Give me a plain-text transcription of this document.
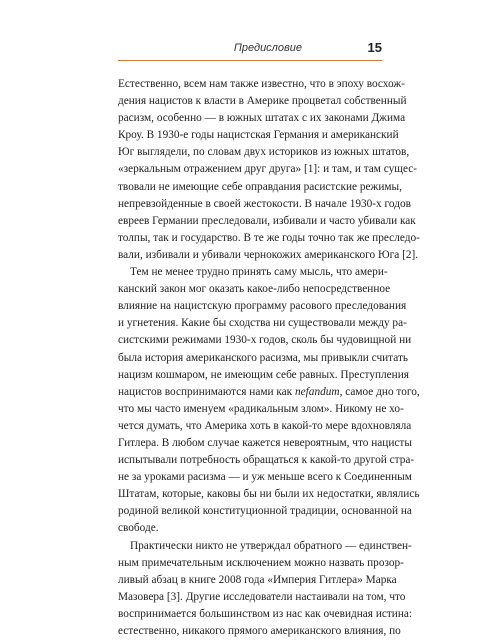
Предисловие	15

Естественно, всем нам также известно, что в эпоху восхож-
дения нацистов к власти в Америке процветал собственный
расизм, особенно — в южных штатах с их законами Джима
Кроу. В 1930-е годы нацистская Германия и американский
Юг выглядели, по словам двух историков из южных штатов,
«зеркальным отражением друг друга» [1]: и там, и там сущес-
твовали не имеющие себе оправдания расистские режимы,
непревзойденные в своей жестокости. В начале 1930-х годов
евреев Германии преследовали, избивали и часто убивали как
толпы, так и государство. В те же годы точно так же преследо-
вали, избивали и убивали чернокожих американского Юга [2].

Тем не менее трудно принять саму мысль, что амери-
канский закон мог оказать какое-либо непосредственное
влияние на нацистскую программу расового преследования
и угнетения. Какие бы сходства ни существовали между ра-
систскими режимами 1930-х годов, сколь бы чудовищной ни
была история американского расизма, мы привыкли считать
нацизм кошмаром, не имеющим себе равных. Преступления
нацистов воспринимаются нами как nefandum, самое дно того,
что мы часто именуем «радикальным злом». Никому не хо-
чется думать, что Америка хоть в какой-то мере вдохновляла
Гитлера. В любом случае кажется невероятным, что нацисты
испытывали потребность обращаться к какой-то другой стра-
не за уроками расизма — и уж меньше всего к Соединенным
Штатам, которые, каковы бы ни были их недостатки, являлись
родиной великой конституционной традиции, основанной на
свободе.

Практически никто не утверждал обратного — единствен-
ным примечательным исключением можно назвать прозор-
ливый абзац в книге 2008 года «Империя Гитлера» Марка
Мазовера [3]. Другие исследователи настаивали на том, что
воспринимается большинством из нас как очевидная истина:
естественно, никакого прямого американского влияния, по
